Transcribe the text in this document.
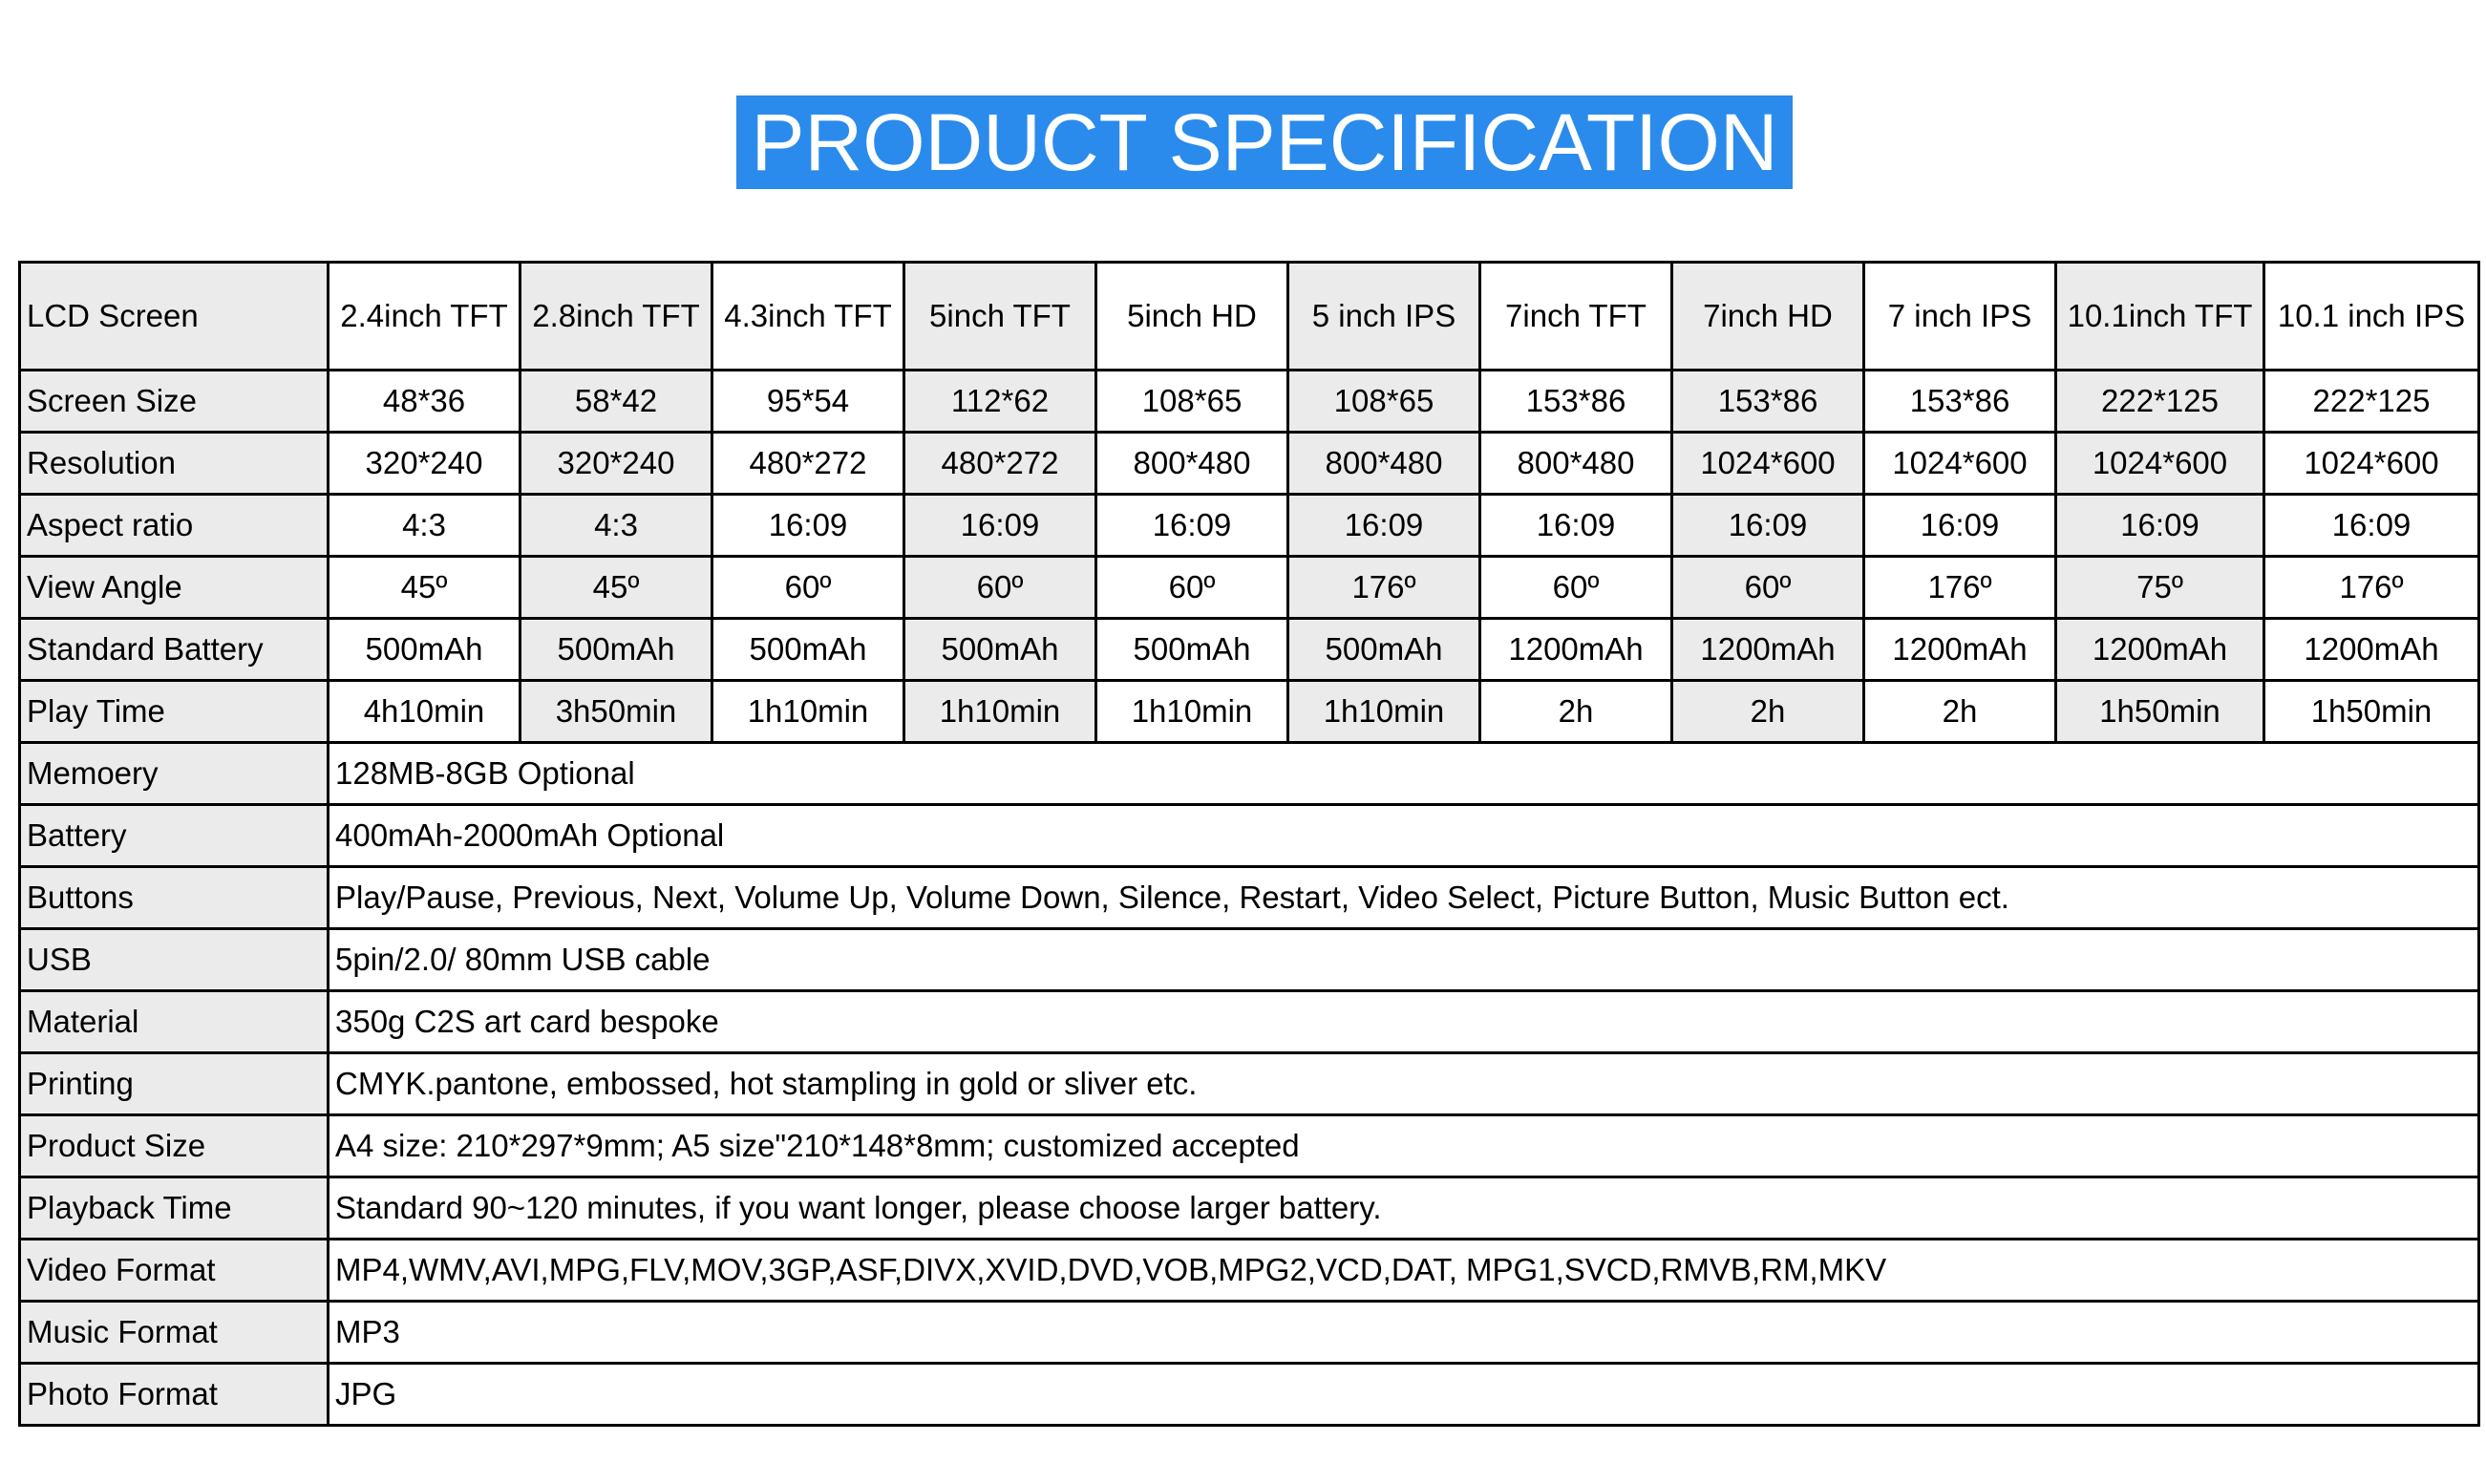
PRODUCT SPECIFICATION
LCD Screen	2.4inch TFT	2.8inch TFT	4.3inch TFT	5inch TFT	5inch HD	5 inch IPS	7inch TFT	7inch HD	7 inch IPS	10.1inch TFT	10.1 inch IPS
Screen Size	48*36	58*42	95*54	112*62	108*65	108*65	153*86	153*86	153*86	222*125	222*125
Resolution	320*240	320*240	480*272	480*272	800*480	800*480	800*480	1024*600	1024*600	1024*600	1024*600
Aspect ratio	4:3	4:3	16:09	16:09	16:09	16:09	16:09	16:09	16:09	16:09	16:09
View Angle	45º	45º	60º	60º	60º	176º	60º	60º	176º	75º	176º
Standard Battery	500mAh	500mAh	500mAh	500mAh	500mAh	500mAh	1200mAh	1200mAh	1200mAh	1200mAh	1200mAh
Play Time	4h10min	3h50min	1h10min	1h10min	1h10min	1h10min	2h	2h	2h	1h50min	1h50min
Memoery	128MB-8GB Optional										
Battery	400mAh-2000mAh Optional										
Buttons	Play/Pause, Previous, Next, Volume Up, Volume Down, Silence, Restart, Video Select, Picture Button, Music Button ect.										
USB	5pin/2.0/ 80mm USB cable										
Material	350g C2S art card bespoke										
Printing	CMYK.pantone, embossed, hot stampling in gold or sliver etc.										
Product Size	A4 size: 210*297*9mm; A5 size"210*148*8mm; customized accepted										
Playback Time	Standard 90~120 minutes, if you want longer, please choose larger battery.										
Video Format	MP4,WMV,AVI,MPG,FLV,MOV,3GP,ASF,DIVX,XVID,DVD,VOB,MPG2,VCD,DAT, MPG1,SVCD,RMVB,RM,MKV										
Music Format	MP3										
Photo Format	JPG										
